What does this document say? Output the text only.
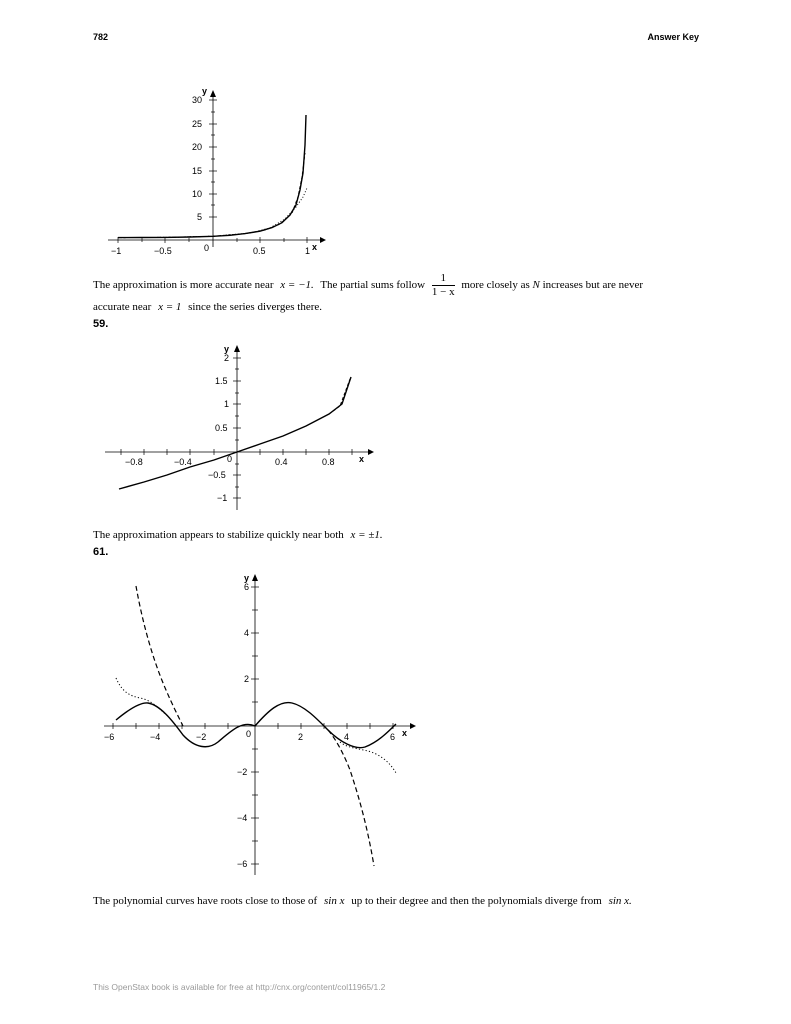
782	Answer Key
−1	−0.5	0	0.5	1 x
5
10
15
20
25
30
y
The approximation is more accurate near x = −1. The partial sums follow $\frac{1}{1 - x}$ more closely as N increases but are never
accurate near x = 1 since the series diverges there.
59.
−0.8	−0.4	0	0.4	0.8	x
2
1.5
1
0.5
−0.5
−1
y
The approximation appears to stabilize quickly near both x = ±1.
61.
−6	−4	−2	0	2	4	6 x
6
4
2
−2
−4
−6
y
The polynomial curves have roots close to those of sin x up to their degree and then the polynomials diverge from sin x.
This OpenStax book is available for free at http://cnx.org/content/col11965/1.2
